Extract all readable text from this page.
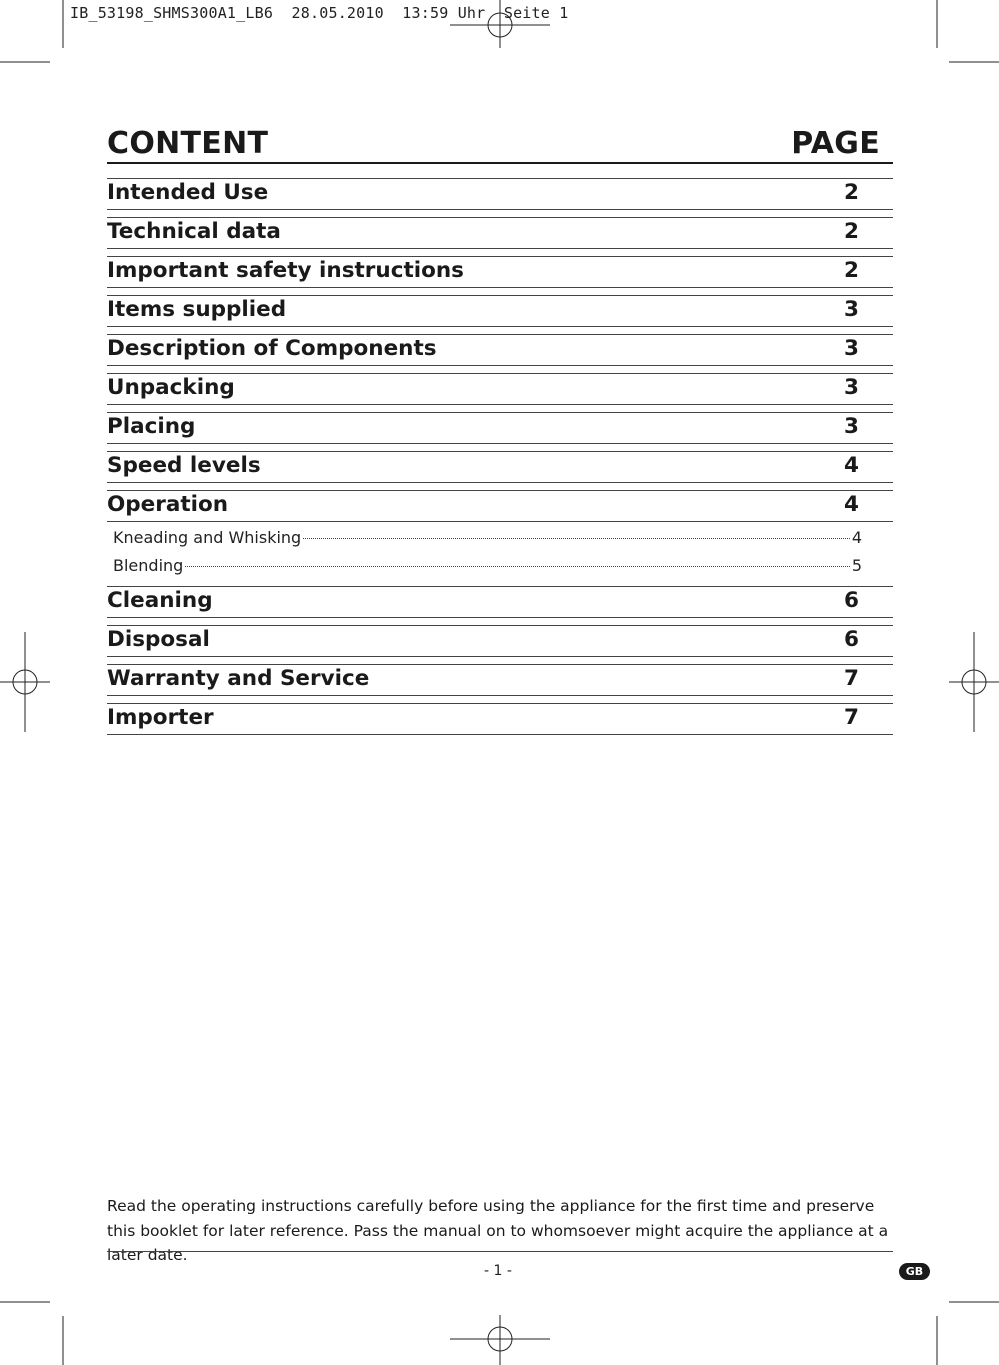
IB_53198_SHMS300A1_LB6  28.05.2010  13:59 Uhr  Seite 1
CONTENT	PAGE
Intended Use	2
Technical data	2
Important safety instructions	2
Items supplied	3
Description of Components	3
Unpacking	3
Placing	3
Speed levels	4
Operation	4
Kneading and Whisking	4
Blending	5
Cleaning	6
Disposal	6
Warranty and Service	7
Importer	7
Read the operating instructions carefully before using the appliance for the first time and preserve this booklet for later reference. Pass the manual on to whomsoever might acquire the appliance at a later date.
- 1 -	GB
